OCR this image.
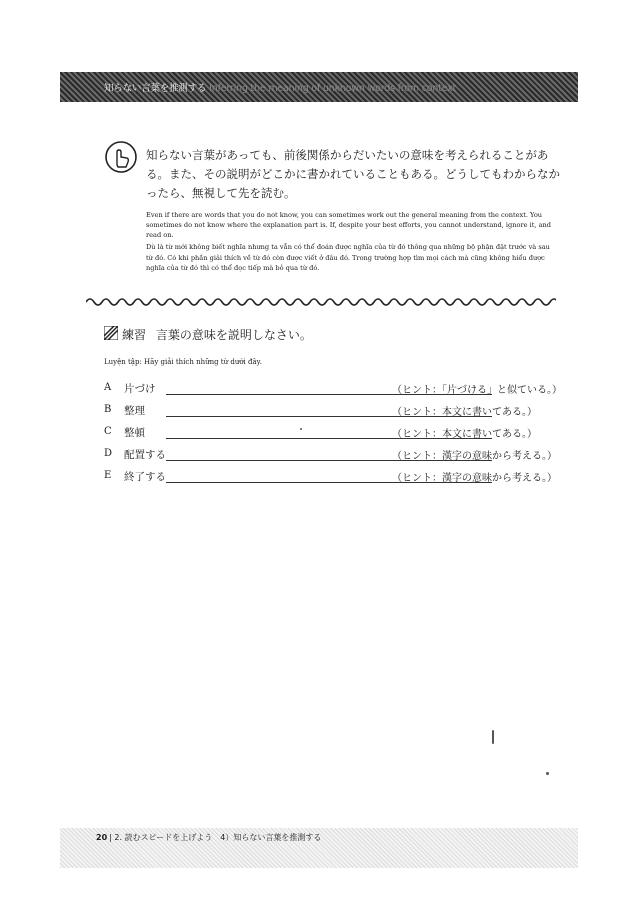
知らない言葉を推測する Inferring the meaning of unknown words from context
知らない言葉があっても、前後関係からだいたいの意味を考えられることがある。また、その説明がどこかに書かれていることもある。どうしてもわからなかったら、無視して先を読む。
Even if there are words that you do not know, you can sometimes work out the general meaning from the context. You sometimes do not know where the explanation part is. If, despite your best efforts, you cannot understand, ignore it, and read on.
Dù là từ mới không biết nghĩa nhưng ta vẫn có thể đoán được nghĩa của từ đó thông qua những bộ phận đặt trước và sau từ đó. Có khi phần giải thích về từ đó còn được viết ở đâu đó. Trong trường hợp tìm mọi cách mà cũng không hiểu được nghĩa của từ đó thì có thể đọc tiếp mà bỏ qua từ đó.
練習 言葉の意味を説明しなさい。
Luyện tập: Hãy giải thích những từ dưới đây.
A 片づけ	（ヒント：「片づける」と似ている。）
B 整理	（ヒント：本文に書いてある。）
C 整頓	（ヒント：本文に書いてある。）
D 配置する	（ヒント：漢字の意味から考える。）
E 終了する	（ヒント：漢字の意味から考える。）
20 | 2. 読むスピードを上げよう　4）知らない言葉を推測する
